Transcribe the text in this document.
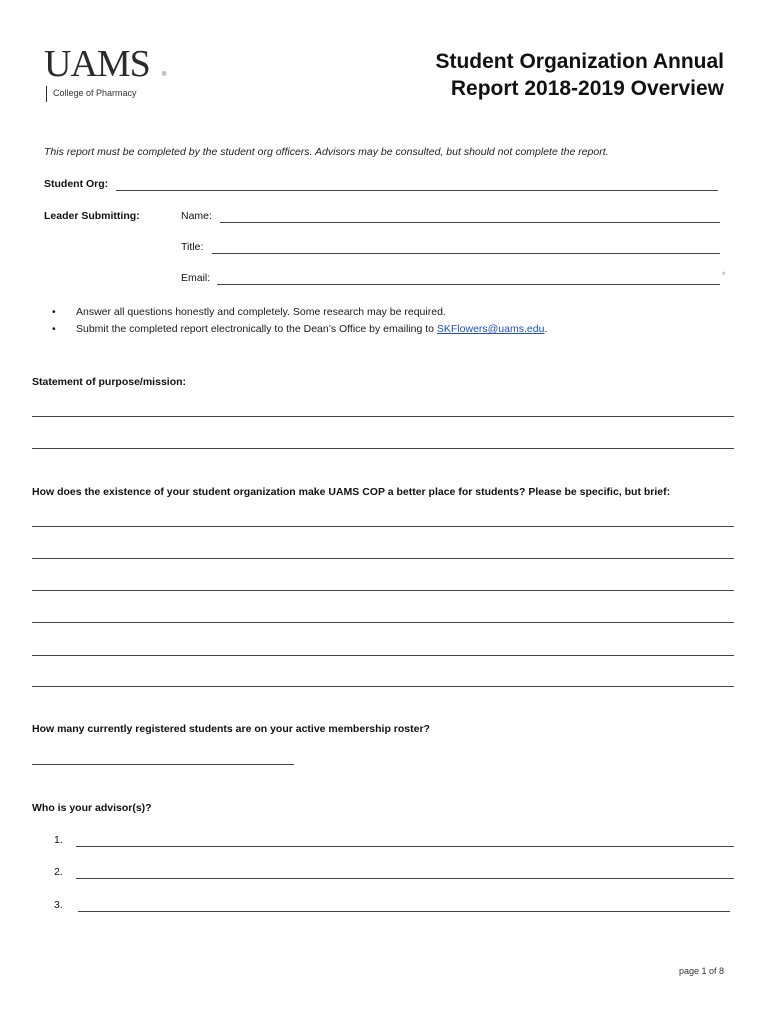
UAMS ®
College of Pharmacy
Student Organization Annual
Report 2018-2019 Overview
This report must be completed by the student org officers. Advisors may be consulted, but should not complete the report.
Student Org:
Leader Submitting:	Name:
Title:
Email:	*
• Answer all questions honestly and completely. Some research may be required.
• Submit the completed report electronically to the Dean’s Office by emailing to SKFlowers@uams.edu.
Statement of purpose/mission:
How does the existence of your student organization make UAMS COP a better place for students? Please be specific, but brief:
How many currently registered students are on your active membership roster?
Who is your advisor(s)?
1.
2.
3.
page 1 of 8
